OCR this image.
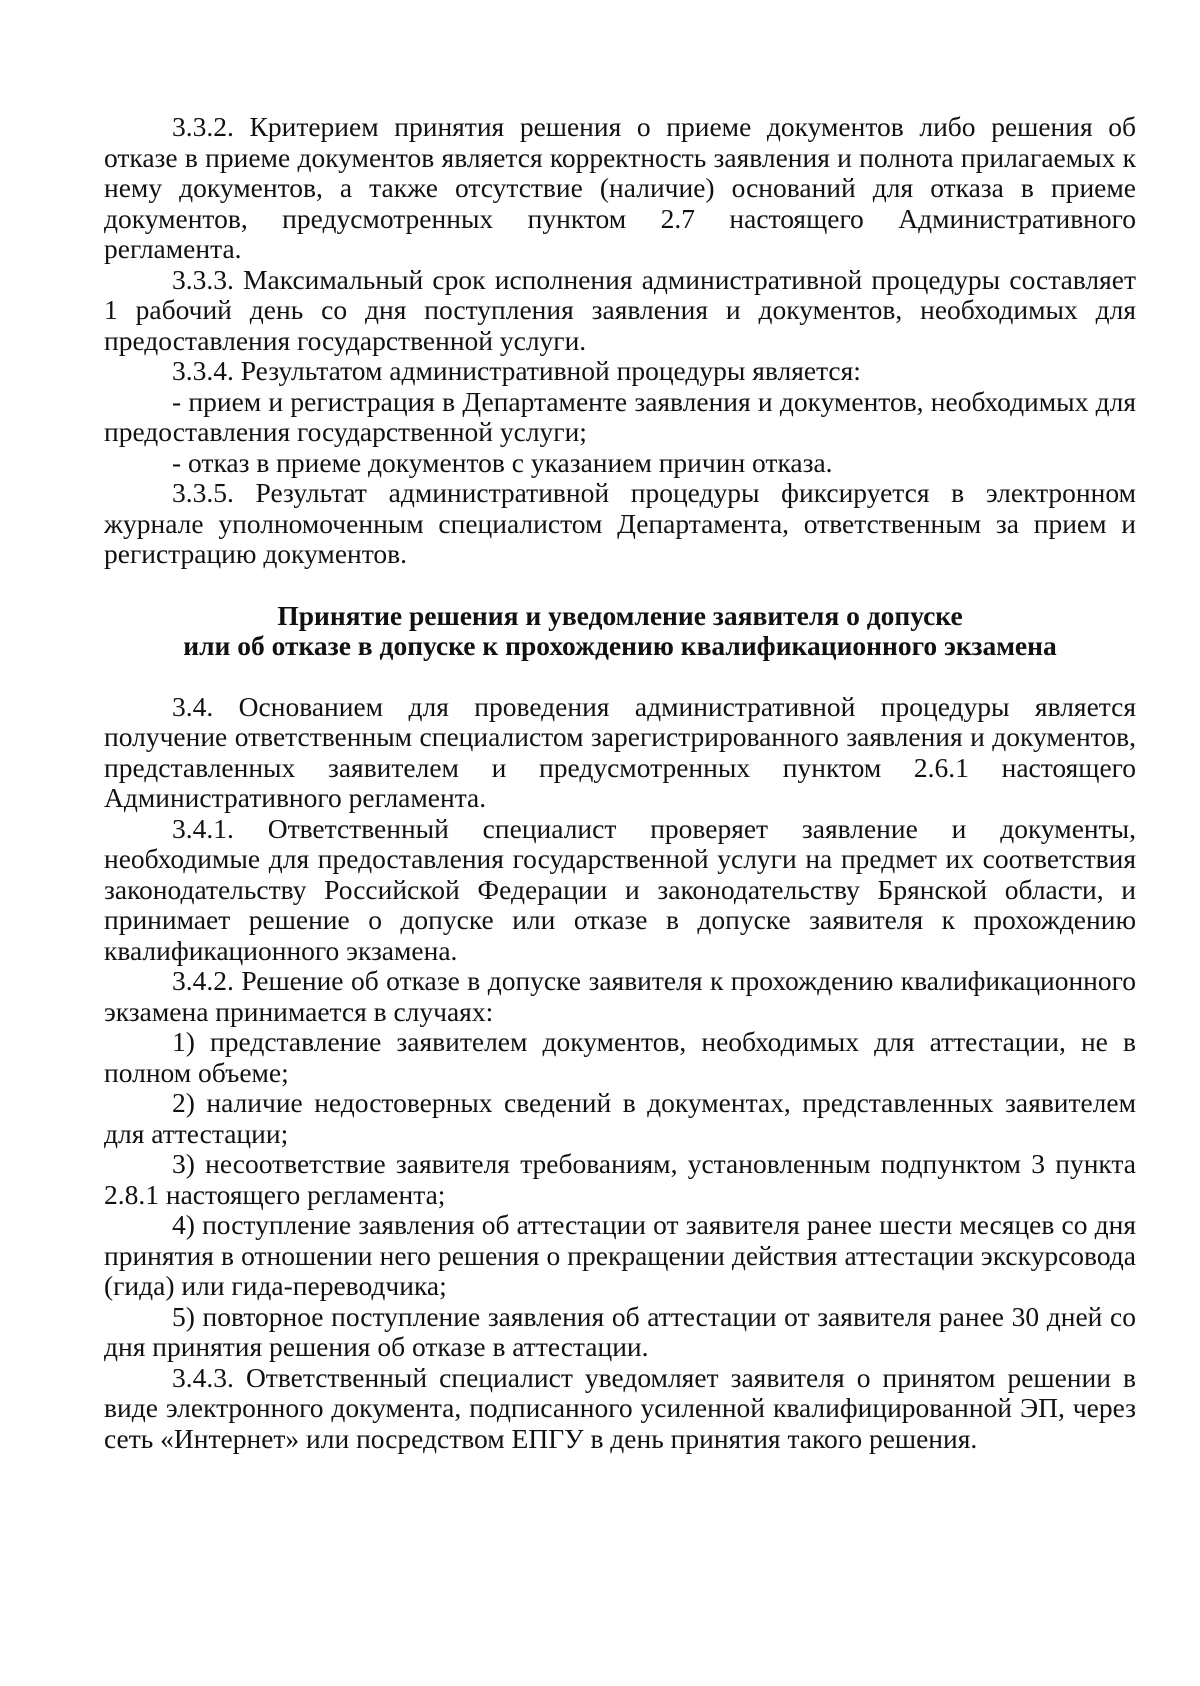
3.3.2. Критерием принятия решения о приеме документов либо решения об отказе в приеме документов является корректность заявления и полнота прилагаемых к нему документов, а также отсутствие (наличие) оснований для отказа в приеме документов, предусмотренных пунктом 2.7 настоящего Административного регламента.

3.3.3. Максимальный срок исполнения административной процедуры составляет 1 рабочий день со дня поступления заявления и документов, необходимых для предоставления государственной услуги.

3.3.4. Результатом административной процедуры является:

- прием и регистрация в Департаменте заявления и документов, необходимых для предоставления государственной услуги;

- отказ в приеме документов с указанием причин отказа.

3.3.5. Результат административной процедуры фиксируется в электронном журнале уполномоченным специалистом Департамента, ответственным за прием и регистрацию документов.

Принятие решения и уведомление заявителя о допуске

или об отказе в допуске к прохождению квалификационного экзамена

3.4. Основанием для проведения административной процедуры является получение ответственным специалистом зарегистрированного заявления и документов, представленных заявителем и предусмотренных пунктом 2.6.1 настоящего Административного регламента.

3.4.1. Ответственный специалист проверяет заявление и документы, необходимые для предоставления государственной услуги на предмет их соответствия законодательству Российской Федерации и законодательству Брянской области, и принимает решение о допуске или отказе в допуске заявителя к прохождению квалификационного экзамена.

3.4.2. Решение об отказе в допуске заявителя к прохождению квалификационного экзамена принимается в случаях:

1) представление заявителем документов, необходимых для аттестации, не в полном объеме;

2) наличие недостоверных сведений в документах, представленных заявителем для аттестации;

3) несоответствие заявителя требованиям, установленным подпунктом 3 пункта 2.8.1 настоящего регламента;

4) поступление заявления об аттестации от заявителя ранее шести месяцев со дня принятия в отношении него решения о прекращении действия аттестации экскурсовода (гида) или гида-переводчика;

5) повторное поступление заявления об аттестации от заявителя ранее 30 дней со дня принятия решения об отказе в аттестации.

3.4.3. Ответственный специалист уведомляет заявителя о принятом решении в виде электронного документа, подписанного усиленной квалифицированной ЭП, через сеть «Интернет» или посредством ЕПГУ в день принятия такого решения.
